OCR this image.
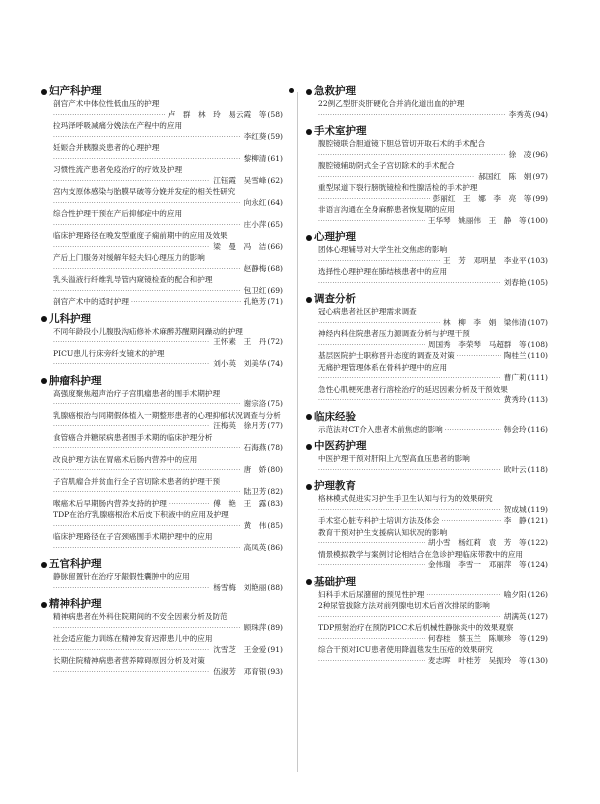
妇产科护理
剖宫产术中体位性低血压的护理
·····
卢　群　林　玲　易云霞　等 (58)
拉玛泽呼吸减痛分娩法在产程中的应用
·····
李红葵 (59)
妊娠合并胰腺炎患者的心理护理
·····
黎柳清 (61)
习惯性流产患者免疫治疗的疗效及护理
·····
江钰霞　吴雪峰 (62)
宫内支原体感染与胎膜早破等分娩并发症的相关性研究
·····
向永红 (64)
综合性护理干预在产后抑郁症中的应用
·····
庄小萍 (65)
临床护理路径在晚发型重度子痫前期中的应用及效果
·····
梁　曼　冯　洁 (66)
产后上门服务对缓解年轻夫妇心理压力的影响
·····
赵静梅 (68)
乳头溢液行纤维乳导管内窥镜检查的配合和护理
·····
包卫红 (69)
剖宫产术中的适时护理 ·····	孔艳芳 (71)
儿科护理
不同年龄段小儿腹股沟疝修补术麻醉苏醒期间躁动的护理
·····
王怀素　王　丹 (72)
PICU患儿行床旁纤支镜术的护理
·····
刘小英　刘美华 (74)
肿瘤科护理
高强度聚焦超声治疗子宫肌瘤患者的围手术期护理
·····
谢宗洛 (75)
乳腺癌根治与同期假体植入一期整形患者的心理抑郁状况调查与分析
·····
汪梅英　徐月芳 (77)
食管癌合并糖尿病患者围手术期的临床护理分析
·····
石海燕 (78)
改良护理方法在胃癌术后肠内营养中的应用
·····
唐　娇 (80)
子宫肌瘤合并贫血行全子宫切除术患者的护理干预
·····
陆卫芳 (82)
喉癌术后早期肠内营养支持的护理 ·····	傅　艳　王　露 (83)
TDP在治疗乳腺癌根治术后皮下积液中的应用及护理
·····
黄　伟 (85)
临床护理路径在子宫颈癌围手术期护理中的应用
·····
高凤英 (86)
五官科护理
静脉留置针在治疗牙龈假性囊肿中的应用
·····
杨雪梅　刘艳丽 (88)
精神科护理
精神病患者在外科住院期间的不安全因素分析及防范
·····
顾珠萍 (89)
社会适应能力训练在精神发育迟滞患儿中的应用
·····
沈雪芝　王金爱 (91)
长期住院精神病患者营养障碍原因分析及对策
·····
伍淑芳　邓育银 (93)
急救护理
22例乙型肝炎肝硬化合并消化道出血的护理
·····
李秀英 (94)
手术室护理
腹腔镜联合胆道镜下胆总管切开取石术的手术配合
·····
徐　凌 (96)
腹腔镜辅助阴式全子宫切除术的手术配合
·····
郝国红　陈　娟 (97)
重型尿道下裂行膀胱镜检和性腺活检的手术护理
·····
彭丽红　王　娜　李　亮　等 (99)
非语言沟通在全身麻醉患者恢复期的应用
·····
王华琴　姚丽伟　王　静　等 (100)
心理护理
团体心理辅导对大学生社交焦虑的影响
·····
王　芳　邓明星　李业平 (103)
选择性心理护理在肺结核患者中的应用
·····
刘春艳 (105)
调查分析
冠心病患者社区护理需求调查
·····
林　柳　李　娟　梁伟清 (107)
神经内科住院患者压力源调查分析与护理干预
·····
周国秀　李荣琴　马超群　等 (108)
基层医院护士职称晋升态度的调查及对策 ·····	陶桂兰 (110)
无痛护理管理体系在骨科护理中的应用
·····
曹广莉 (111)
急性心肌梗死患者行溶栓治疗的延迟因素分析及干预效果
·····
黄秀玲 (113)
临床经验
示范法对CT介入患者术前焦虑的影响 ·····	韩会玲 (116)
中医药护理
中医护理干预对肝阳上亢型高血压患者的影响
·····
欧叶云 (118)
护理教育
格林模式促进实习护生手卫生认知与行为的效果研究
·····
贺成城 (119)
手术室心脏专科护士培训方法及体会 ·····	李　静 (121)
教育干预对护生支援病认知状况的影响
·····
胡小雪　杨红莉　袁　芳　等 (122)
情景模拟教学与案例讨论相结合在急诊护理临床带教中的应用
·····
金伟瑞　李雪一　邓丽萍　等 (124)
基础护理
妇科手术后尿潴留的预见性护理 ·····	喻夕阳 (126)
2种尿管拔除方法对前列腺电切术后首次排尿的影响
·····
胡满英 (127)
TDP照射治疗在预防PICC术后机械性静脉炎中的效果观察
·····
何春桂　蔡玉兰　陈顺珍　等 (129)
综合干预对ICU患者使用降温毯发生压疮的效果研究
·····
麦志晖　叶桂芳　吴振玲　等 (130)
